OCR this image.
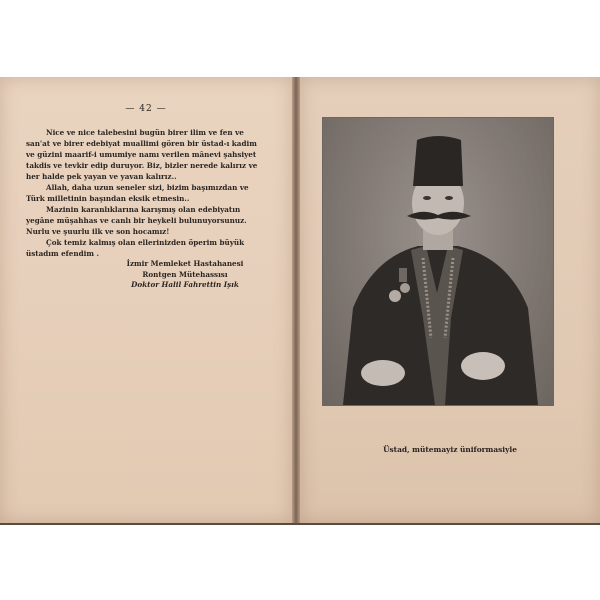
— 42 —

Nice ve nice talebesini bugün birer ilim ve fen ve san'at ve birer edebiyat muallimi gören bir üstad-ı kadim ve güzini maarif-i umumiye namı verilen mânevi şahsiyet takdis ve tevkir edip duruyor. Biz, bizler nerede kalırız ve her halde pek yayan ve yavan kalırız..

Allah, daha uzun seneler sizi, bizim başımızdan ve Türk milletinin başından eksik etmesin..

Mazinin karanlıklarına karışmış olan edebiyatın yegâne müşahhas ve canlı bir heykeli bulunuyorsunuz. Nurlu ve şuurlu ilk ve son hocamız!

Çok temiz kalmış olan ellerinizden öperim büyük üstadım efendim .

İzmir Memleket Hastahanesi
Rontgen Mütehassısı
Doktor Halil Fahrettin Işık
Üstad, mütemayiz üniformasiyle
